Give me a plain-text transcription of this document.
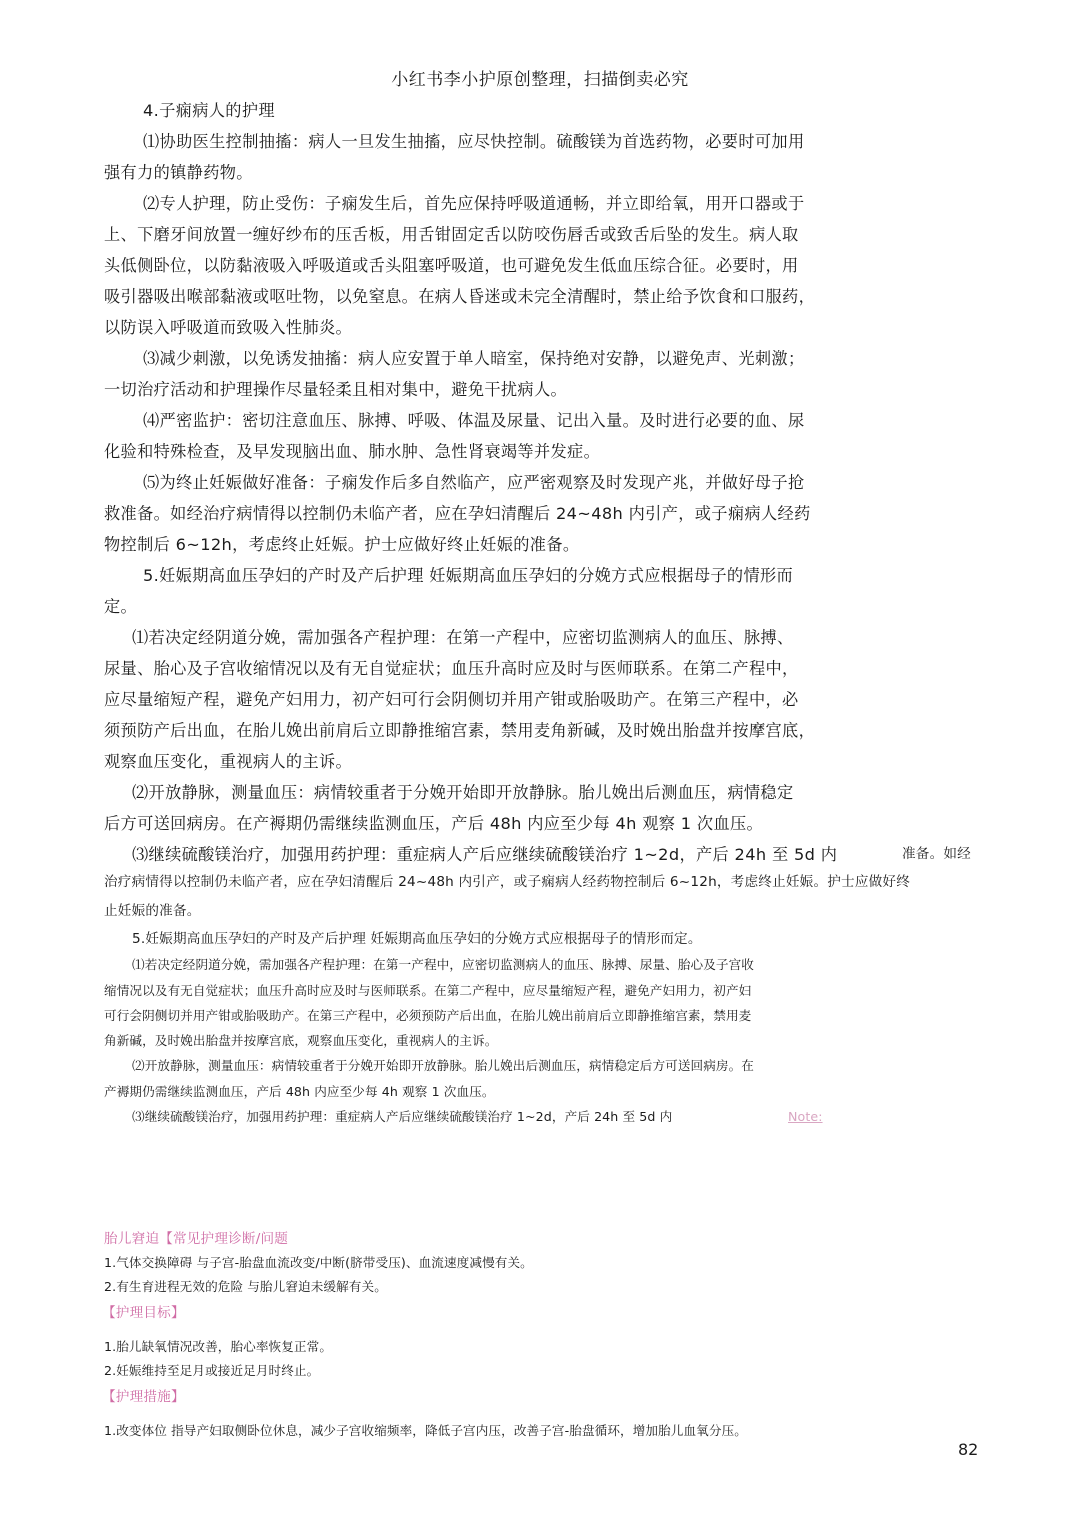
小红书李小护原创整理，扫描倒卖必究
4.子痫病人的护理
⑴协助医生控制抽搐：病人一旦发生抽搐，应尽快控制。硫酸镁为首选药物，必要时可加用
强有力的镇静药物。
⑵专人护理，防止受伤：子痫发生后，首先应保持呼吸道通畅，并立即给氧，用开口器或于
上、下磨牙间放置一缠好纱布的压舌板，用舌钳固定舌以防咬伤唇舌或致舌后坠的发生。病人取
头低侧卧位，以防黏液吸入呼吸道或舌头阻塞呼吸道，也可避免发生低血压综合征。必要时，用
吸引器吸出喉部黏液或呕吐物，以免窒息。在病人昏迷或未完全清醒时，禁止给予饮食和口服药，
以防误入呼吸道而致吸入性肺炎。
⑶减少刺激，以免诱发抽搐：病人应安置于单人暗室，保持绝对安静，以避免声、光刺激；
一切治疗活动和护理操作尽量轻柔且相对集中，避免干扰病人。
⑷严密监护：密切注意血压、脉搏、呼吸、体温及尿量、记出入量。及时进行必要的血、尿
化验和特殊检查，及早发现脑出血、肺水肿、急性肾衰竭等并发症。
⑸为终止妊娠做好准备：子痫发作后多自然临产，应严密观察及时发现产兆，并做好母子抢
救准备。如经治疗病情得以控制仍未临产者，应在孕妇清醒后 24~48h 内引产，或子痫病人经药
物控制后 6~12h，考虑终止妊娠。护士应做好终止妊娠的准备。
5.妊娠期高血压孕妇的产时及产后护理 妊娠期高血压孕妇的分娩方式应根据母子的情形而
定。
⑴若决定经阴道分娩，需加强各产程护理：在第一产程中，应密切监测病人的血压、脉搏、
尿量、胎心及子宫收缩情况以及有无自觉症状；血压升高时应及时与医师联系。在第二产程中，
应尽量缩短产程，避免产妇用力，初产妇可行会阴侧切并用产钳或胎吸助产。在第三产程中，必
须预防产后出血，在胎儿娩出前肩后立即静推缩宫素，禁用麦角新碱，及时娩出胎盘并按摩宫底，
观察血压变化，重视病人的主诉。
⑵开放静脉，测量血压：病情较重者于分娩开始即开放静脉。胎儿娩出后测血压，病情稳定
后方可送回病房。在产褥期仍需继续监测血压，产后 48h 内应至少每 4h 观察 1 次血压。
⑶继续硫酸镁治疗，加强用药护理：重症病人产后应继续硫酸镁治疗 1~2d，产后 24h 至 5d 内	准备。如经
治疗病情得以控制仍未临产者，应在孕妇清醒后 24~48h 内引产，或子痫病人经药物控制后 6~12h，考虑终止妊娠。护士应做好终
止妊娠的准备。
5.妊娠期高血压孕妇的产时及产后护理 妊娠期高血压孕妇的分娩方式应根据母子的情形而定。
⑴若决定经阴道分娩，需加强各产程护理：在第一产程中，应密切监测病人的血压、脉搏、尿量、胎心及子宫收
缩情况以及有无自觉症状；血压升高时应及时与医师联系。在第二产程中，应尽量缩短产程，避免产妇用力，初产妇
可行会阴侧切并用产钳或胎吸助产。在第三产程中，必须预防产后出血，在胎儿娩出前肩后立即静推缩宫素，禁用麦
角新碱，及时娩出胎盘并按摩宫底，观察血压变化，重视病人的主诉。
⑵开放静脉，测量血压：病情较重者于分娩开始即开放静脉。胎儿娩出后测血压，病情稳定后方可送回病房。在
产褥期仍需继续监测血压，产后 48h 内应至少每 4h 观察 1 次血压。
⑶继续硫酸镁治疗，加强用药护理：重症病人产后应继续硫酸镁治疗 1~2d，产后 24h 至 5d 内	Note:
胎儿窘迫【常见护理诊断/问题
1.气体交换障碍 与子宫-胎盘血流改变/中断(脐带受压)、血流速度减慢有关。
2.有生育进程无效的危险 与胎儿窘迫未缓解有关。
【护理目标】
1.胎儿缺氧情况改善，胎心率恢复正常。
2.妊娠维持至足月或接近足月时终止。
【护理措施】
1.改变体位 指导产妇取侧卧位休息，减少子宫收缩频率，降低子宫内压，改善子宫-胎盘循环，增加胎儿血氧分压。
82
